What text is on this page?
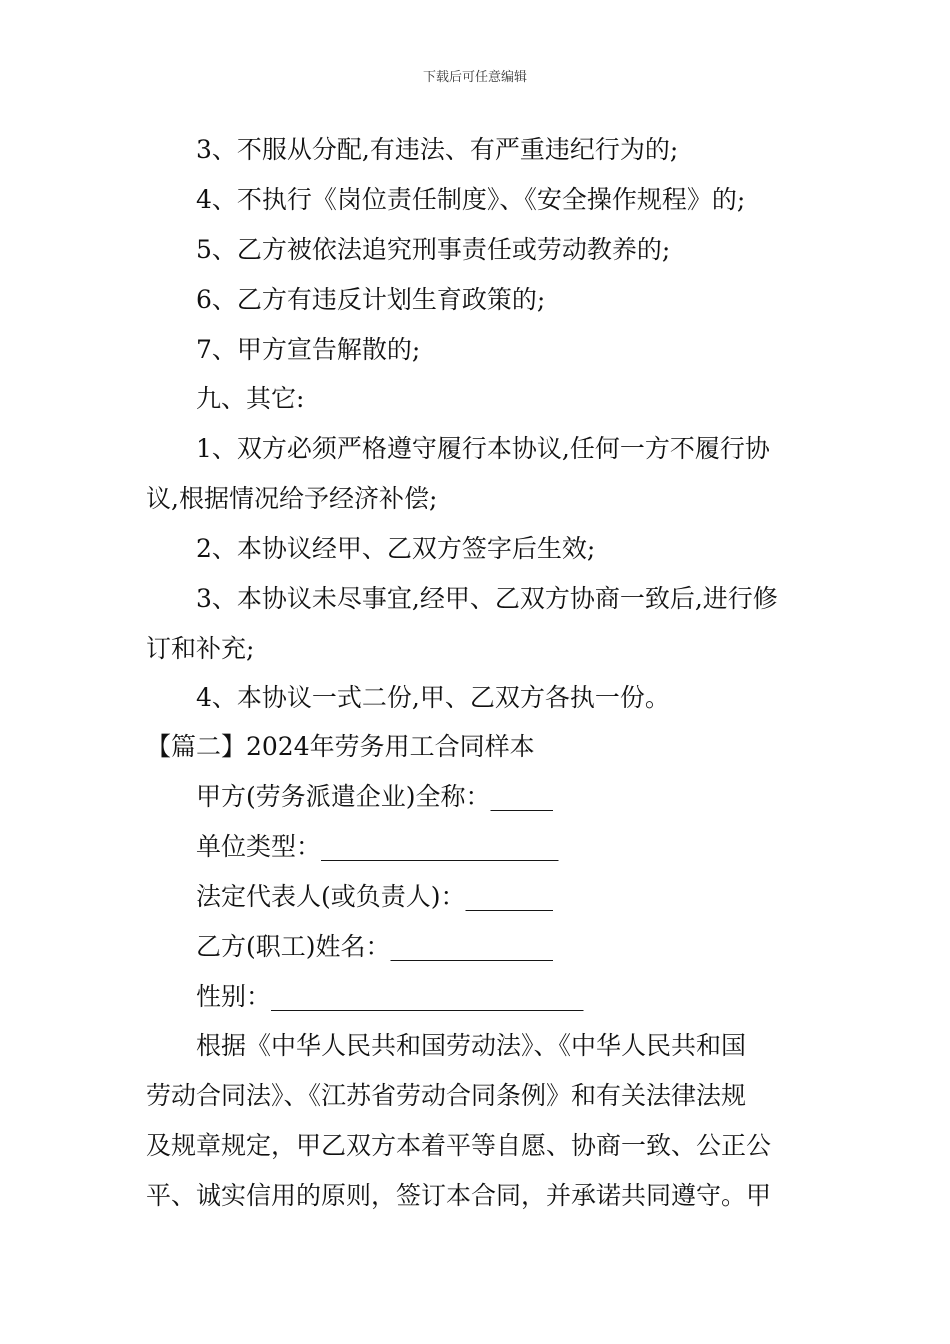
下载后可任意编辑
3、不服从分配,有违法、有严重违纪行为的;
4、不执行《岗位责任制度》、《安全操作规程》的;
5、乙方被依法追究刑事责任或劳动教养的;
6、乙方有违反计划生育政策的;
7、甲方宣告解散的;
九、其它:
1、双方必须严格遵守履行本协议,任何一方不履行协
议,根据情况给予经济补偿;
2、本协议经甲、乙双方签字后生效;
3、本协议未尽事宜,经甲、乙双方协商一致后,进行修
订和补充;
4、本协议一式二份,甲、乙双方各执一份。
【篇二】2024年劳务用工合同样本
甲方(劳务派遣企业)全称：_____
单位类型：___________________
法定代表人(或负责人)：_______
乙方(职工)姓名：_____________
性别：_________________________
根据《中华人民共和国劳动法》、《中华人民共和国
劳动合同法》、《江苏省劳动合同条例》和有关法律法规
及规章规定，甲乙双方本着平等自愿、协商一致、公正公
平、诚实信用的原则，签订本合同，并承诺共同遵守。甲
